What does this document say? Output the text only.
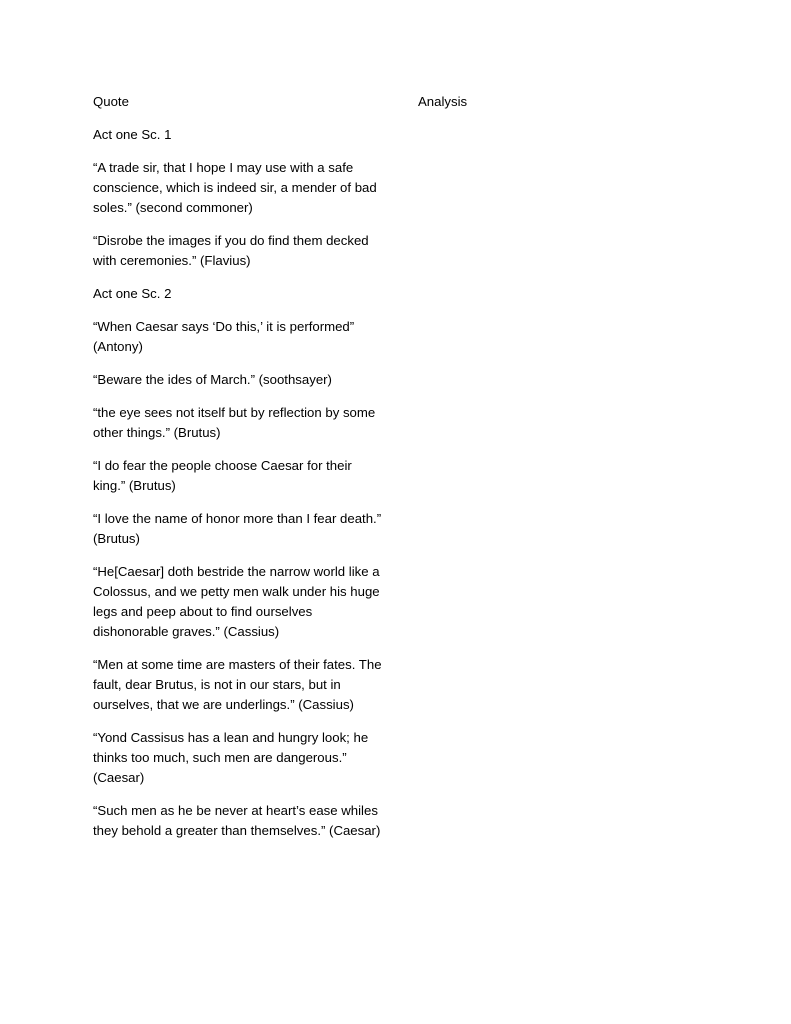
Quote	Analysis

Act one Sc. 1

“A trade sir, that I hope I may use with a safe conscience, which is indeed sir, a mender of bad soles.” (second commoner)

“Disrobe the images if you do find them decked with ceremonies.” (Flavius)

Act one Sc. 2

“When Caesar says ‘Do this,’ it is performed” (Antony)

“Beware the ides of March.” (soothsayer)

“the eye sees not itself but by reflection by some other things.” (Brutus)

“I do fear the people choose Caesar for their king.” (Brutus)

“I love the name of honor more than I fear death.” (Brutus)

“He[Caesar] doth bestride the narrow world like a Colossus, and we petty men walk under his huge legs and peep about to find ourselves dishonorable graves.” (Cassius)

“Men at some time are masters of their fates. The fault, dear Brutus, is not in our stars, but in ourselves, that we are underlings.” (Cassius)

“Yond Cassisus has a lean and hungry look; he thinks too much, such men are dangerous.” (Caesar)

“Such men as he be never at heart’s ease whiles they behold a greater than themselves.” (Caesar)
